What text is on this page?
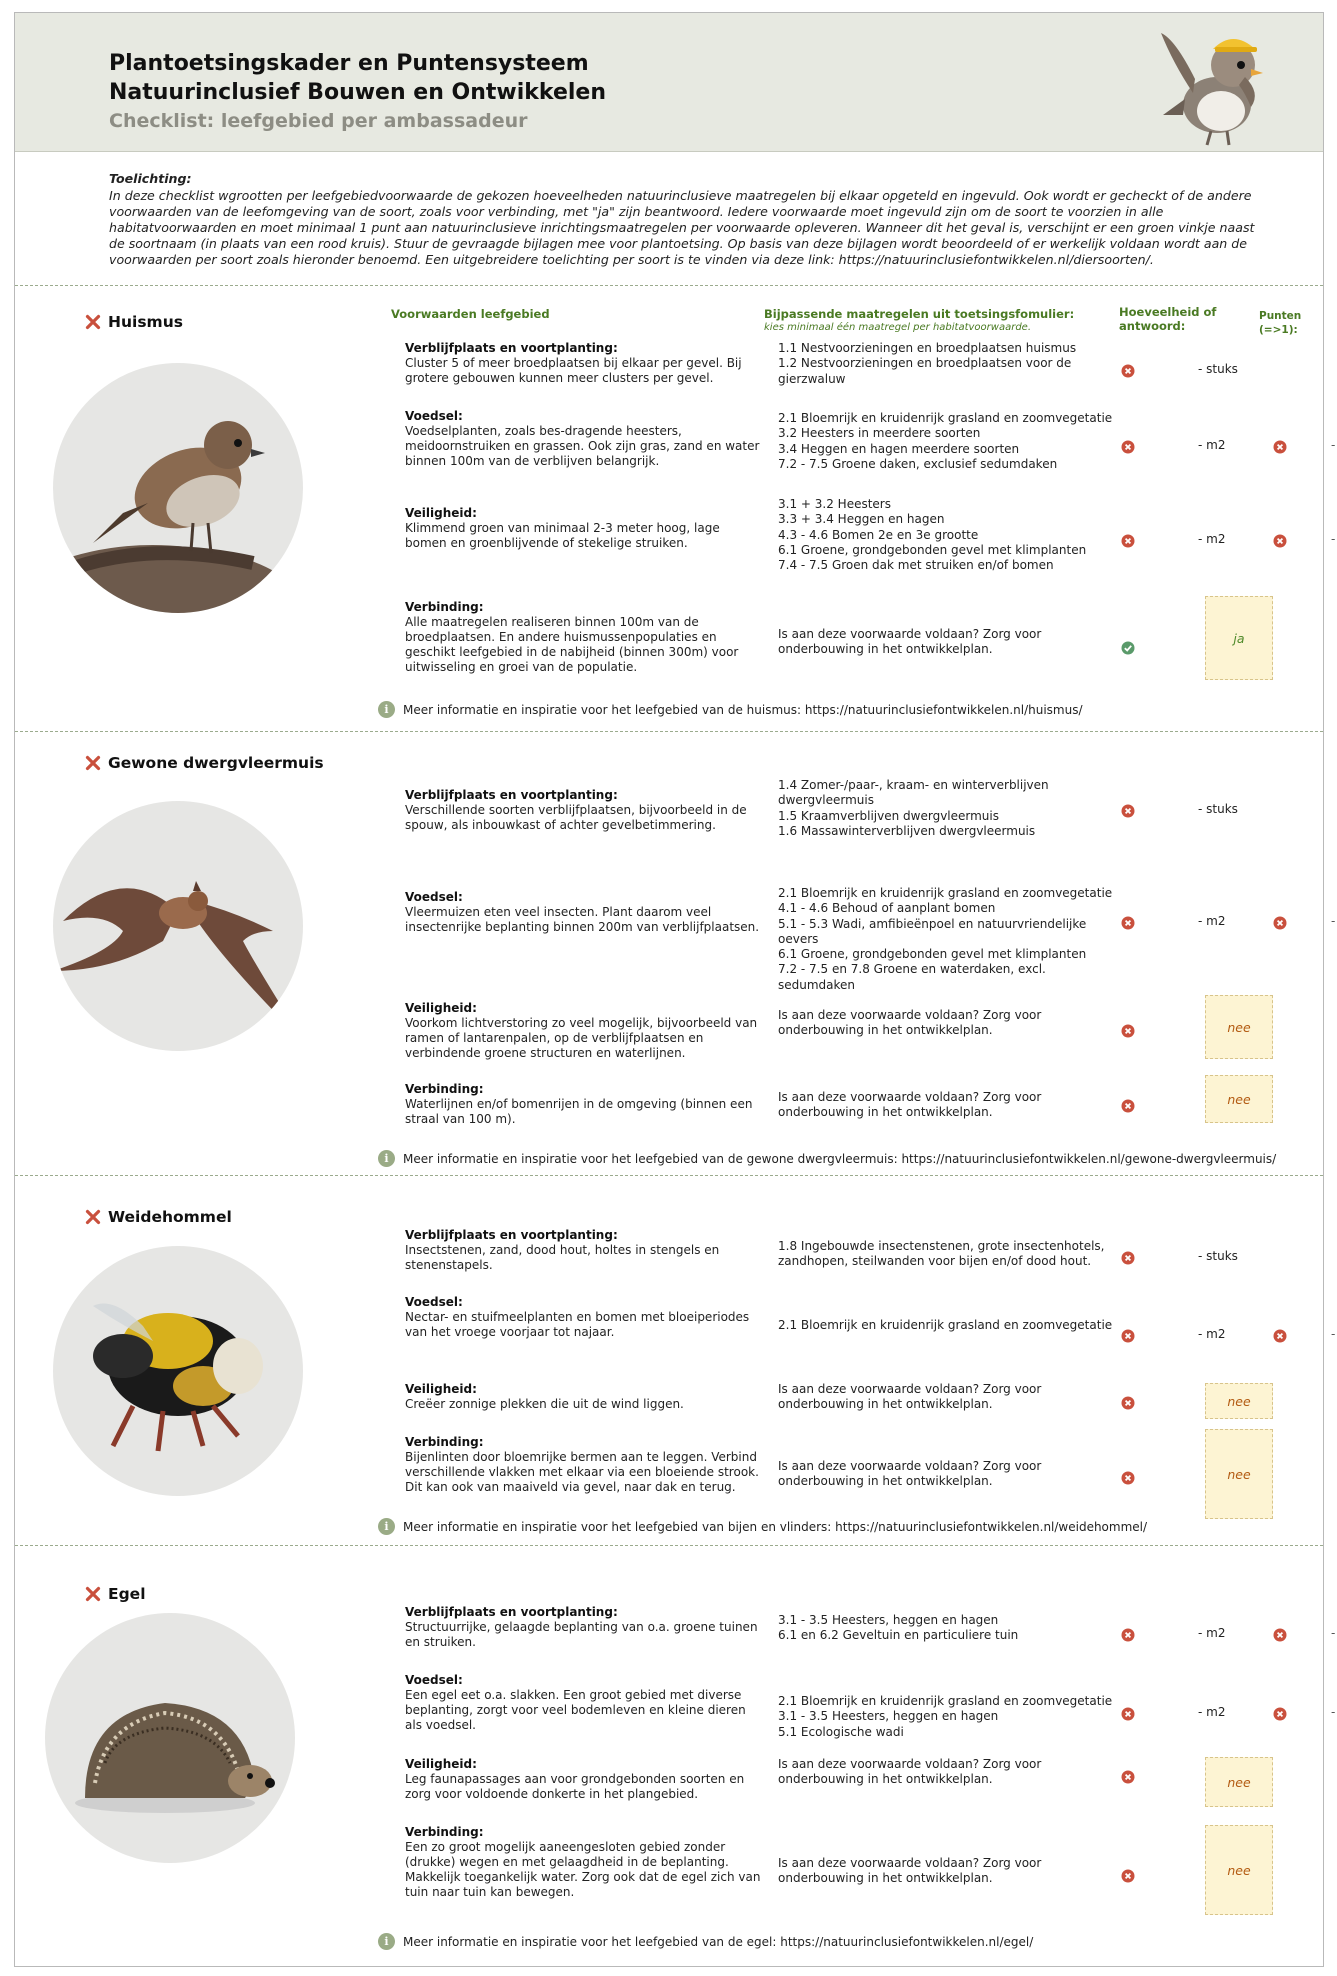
Plantoetsingskader en Puntensysteem
Natuurinclusief Bouwen en Ontwikkelen
Checklist: leefgebied per ambassadeur
Toelichting:
In deze checklist wgrootten per leefgebiedvoorwaarde de gekozen hoeveelheden natuurinclusieve maatregelen bij elkaar opgeteld en ingevuld. Ook wordt er gecheckt of de andere voorwaarden van de leefomgeving van de soort, zoals voor verbinding, met "ja" zijn beantwoord. Iedere voorwaarde moet ingevuld zijn om de soort te voorzien in alle habitatvoorwaarden en moet minimaal 1 punt aan natuurinclusieve inrichtingsmaatregelen per voorwaarde opleveren. Wanneer dit het geval is, verschijnt er een groen vinkje naast de soortnaam (in plaats van een rood kruis). Stuur de gevraagde bijlagen mee voor plantoetsing. Op basis van deze bijlagen wordt beoordeeld of er werkelijk voldaan wordt aan de voorwaarden per soort zoals hieronder benoemd. Een uitgebreidere toelichting per soort is te vinden via deze link: https://natuurinclusiefontwikkelen.nl/diersoorten/.
Voorwaarden leefgebied	Bijpassende maatregelen uit toetsingsfomulier:
kies minimaal één maatregel per habitatvoorwaarde.
Hoeveelheid of
antwoord:
Punten
(=>1):
Huismus
Verblijfplaats en voortplanting:
Cluster 5 of meer broedplaatsen bij elkaar per gevel. Bij grotere gebouwen kunnen meer clusters per gevel.
1.1 Nestvoorzieningen en broedplaatsen huismus
1.2 Nestvoorzieningen en broedplaatsen voor de gierzwaluw
- stuks
Voedsel:
Voedselplanten, zoals bes-dragende heesters, meidoornstruiken en grassen. Ook zijn gras, zand en water binnen 100m van de verblijven belangrijk.
2.1 Bloemrijk en kruidenrijk grasland en zoomvegetatie
3.2 Heesters in meerdere soorten
3.4 Heggen en hagen meerdere soorten
7.2 - 7.5 Groene daken, exclusief sedumdaken
- m2	-
Veiligheid:
Klimmend groen van minimaal 2-3 meter hoog, lage bomen en groenblijvende of stekelige struiken.
3.1 + 3.2 Heesters
3.3 + 3.4 Heggen en hagen
4.3 - 4.6 Bomen 2e en 3e grootte
6.1 Groene, grondgebonden gevel met klimplanten
7.4 - 7.5 Groen dak met struiken en/of bomen
- m2	-
Verbinding:
Alle maatregelen realiseren binnen 100m van de broedplaatsen. En andere huismussenpopulaties en geschikt leefgebied in de nabijheid (binnen 300m) voor uitwisseling en groei van de populatie.
Is aan deze voorwaarde voldaan? Zorg voor onderbouwing in het ontwikkelplan.
ja
i	Meer informatie en inspiratie voor het leefgebied van de huismus: https://natuurinclusiefontwikkelen.nl/huismus/
Gewone dwergvleermuis
Verblijfplaats en voortplanting:
Verschillende soorten verblijfplaatsen, bijvoorbeeld in de spouw, als inbouwkast of achter gevelbetimmering.
1.4 Zomer-/paar-, kraam- en winterverblijven dwergvleermuis
1.5 Kraamverblijven dwergvleermuis
1.6 Massawinterverblijven dwergvleermuis
- stuks
Voedsel:
Vleermuizen eten veel insecten. Plant daarom veel insectenrijke beplanting binnen 200m van verblijfplaatsen.
2.1 Bloemrijk en kruidenrijk grasland en zoomvegetatie
4.1 - 4.6 Behoud of aanplant bomen
5.1 - 5.3 Wadi, amfibieënpoel en natuurvriendelijke oevers
6.1 Groene, grondgebonden gevel met klimplanten
7.2 - 7.5 en 7.8 Groene en waterdaken, excl. sedumdaken
- m2	-
Veiligheid:
Voorkom lichtverstoring zo veel mogelijk, bijvoorbeeld van ramen of lantarenpalen, op de verblijfplaatsen en verbindende groene structuren en waterlijnen.
Is aan deze voorwaarde voldaan? Zorg voor onderbouwing in het ontwikkelplan.	nee
Verbinding:
Waterlijnen en/of bomenrijen in de omgeving (binnen een straal van 100 m).
Is aan deze voorwaarde voldaan? Zorg voor onderbouwing in het ontwikkelplan.
nee
i	Meer informatie en inspiratie voor het leefgebied van de gewone dwergvleermuis: https://natuurinclusiefontwikkelen.nl/gewone-dwergvleermuis/
Weidehommel
Verblijfplaats en voortplanting:
Insectstenen, zand, dood hout, holtes in stengels en stenenstapels.
1.8 Ingebouwde insectenstenen, grote insectenhotels, zandhopen, steilwanden voor bijen en/of dood hout.	- stuks
Voedsel:
Nectar- en stuifmeelplanten en bomen met bloeiperiodes van het vroege voorjaar tot najaar.	2.1 Bloemrijk en kruidenrijk grasland en zoomvegetatie
- m2	-
Veiligheid:
Creëer zonnige plekken die uit de wind liggen.
Is aan deze voorwaarde voldaan? Zorg voor onderbouwing in het ontwikkelplan.	nee
Verbinding:
Bijenlinten door bloemrijke bermen aan te leggen. Verbind verschillende vlakken met elkaar via een bloeiende strook. Dit kan ook van maaiveld via gevel, naar dak en terug.
Is aan deze voorwaarde voldaan? Zorg voor onderbouwing in het ontwikkelplan.	nee
i	Meer informatie en inspiratie voor het leefgebied van bijen en vlinders: https://natuurinclusiefontwikkelen.nl/weidehommel/
Egel
Verblijfplaats en voortplanting:
Structuurrijke, gelaagde beplanting van o.a. groene tuinen en struiken.
3.1 - 3.5 Heesters, heggen en hagen
6.1 en 6.2 Geveltuin en particuliere tuin	- m2	-
Voedsel:
Een egel eet o.a. slakken. Een groot gebied met diverse beplanting, zorgt voor veel bodemleven en kleine dieren als voedsel.
2.1 Bloemrijk en kruidenrijk grasland en zoomvegetatie
3.1 - 3.5 Heesters, heggen en hagen
5.1 Ecologische wadi
- m2	-
Veiligheid:
Leg faunapassages aan voor grondgebonden soorten en zorg voor voldoende donkerte in het plangebied.
Is aan deze voorwaarde voldaan? Zorg voor onderbouwing in het ontwikkelplan.	nee
Verbinding:
Een zo groot mogelijk aaneengesloten gebied zonder (drukke) wegen en met gelaagdheid in de beplanting. Makkelijk toegankelijk water. Zorg ook dat de egel zich van tuin naar tuin kan bewegen.
Is aan deze voorwaarde voldaan? Zorg voor onderbouwing in het ontwikkelplan.
nee
i	Meer informatie en inspiratie voor het leefgebied van de egel: https://natuurinclusiefontwikkelen.nl/egel/
